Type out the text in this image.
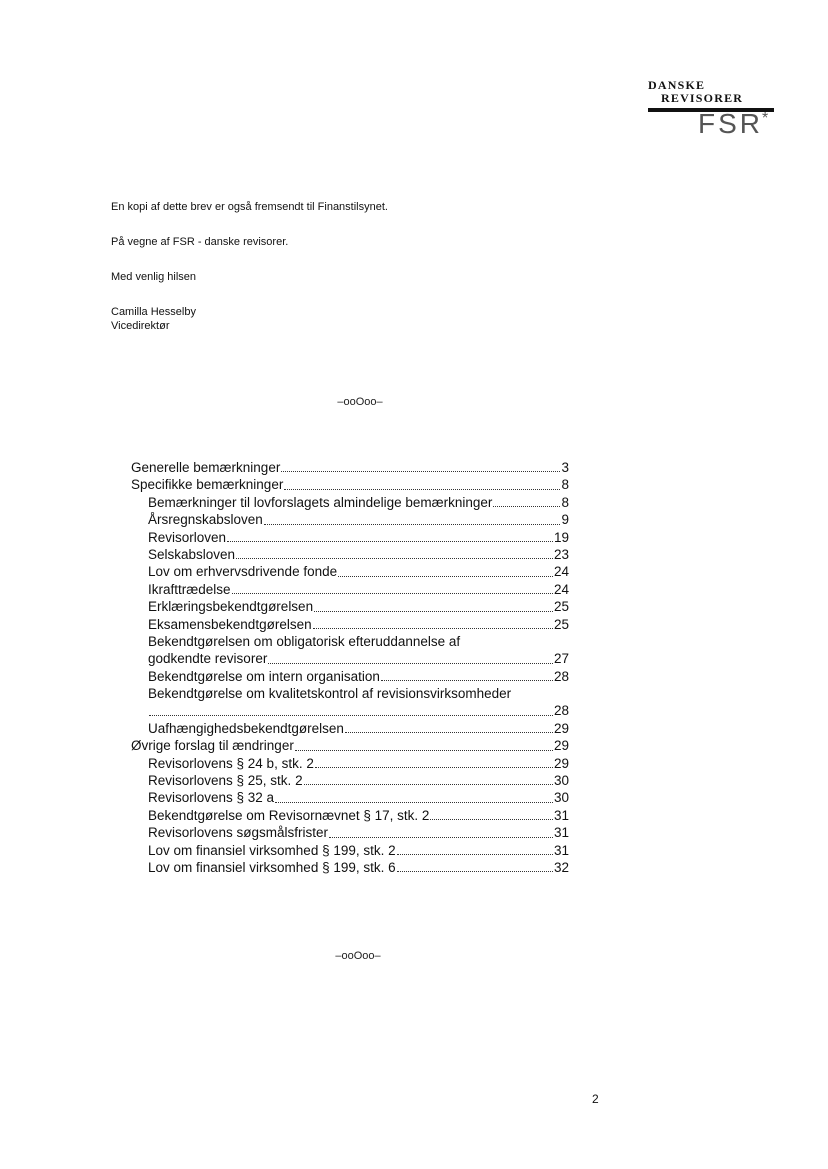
DANSKE
REVISORER
FSR *

En kopi af dette brev er også fremsendt til Finanstilsynet.

På vegne af FSR - danske revisorer.

Med venlig hilsen

Camilla Hesselby

Vicedirektør

–ooOoo–
Generelle bemærkninger	3
Specifikke bemærkninger	8
Bemærkninger til lovforslagets almindelige bemærkninger	8
Årsregnskabsloven	9
Revisorloven	19
Selskabsloven	23
Lov om erhvervsdrivende fonde	24
Ikrafttrædelse	24
Erklæringsbekendtgørelsen	25
Eksamensbekendtgørelsen	25
Bekendtgørelsen om obligatorisk efteruddannelse af
godkendte revisorer	27
Bekendtgørelse om intern organisation	28
Bekendtgørelse om kvalitetskontrol af revisionsvirksomheder
28
Uafhængighedsbekendtgørelsen	29
Øvrige forslag til ændringer	29
Revisorlovens § 24 b, stk. 2	29
Revisorlovens § 25, stk. 2	30
Revisorlovens § 32 a	30
Bekendtgørelse om Revisornævnet § 17, stk. 2	31
Revisorlovens søgsmålsfrister	31
Lov om finansiel virksomhed § 199, stk. 2	31
Lov om finansiel virksomhed § 199, stk. 6	32
–ooOoo–
2
